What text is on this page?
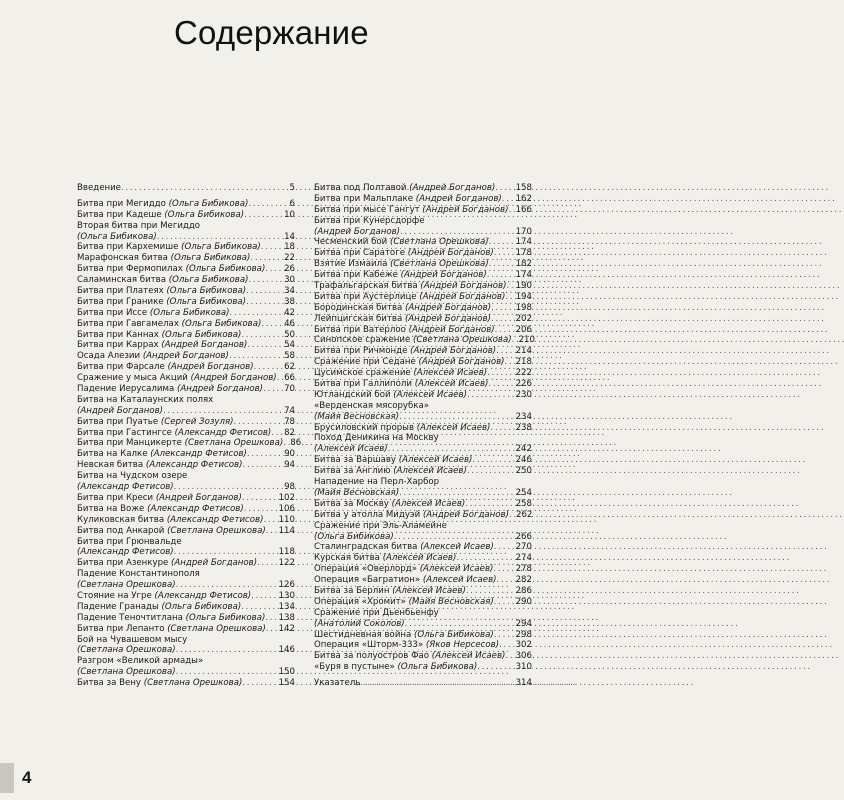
Содержание
Введение . . .	5
Битва при Мегиддо (Ольга Бибикова) . . .	6
Битва при Кадеше (Ольга Бибикова) . . .	10
Вторая битва при Мегиддо
(Ольга Бибикова) . . .	14
Битва при Кархемише (Ольга Бибикова) . . .	18
Марафонская битва (Ольга Бибикова) . . .	22
Битва при Фермопилах (Ольга Бибикова) . . . 26
Саламинская битва (Ольга Бибикова) . . .	30
Битва при Платеях (Ольга Бибикова) . . .	34
Битва при Гранике (Ольга Бибикова) . . .	38
Битва при Иссе (Ольга Бибикова) . . .	42
Битва при Гавгамелах (Ольга Бибикова) . . .	46
Битва при Каннах (Ольга Бибикова) . . .	50
Битва при Каррах (Андрей Богданов) . . .	54
Осада Алезии (Андрей Богданов) . . .	58
Битва при Фарсале (Андрей Богданов) . . .	62
Сражение у мыса Акций (Андрей Богданов) . . . 66
Падение Иерусалима (Андрей Богданов) . . . 70
Битва на Каталаунских полях
(Андрей Богданов) . . .	74
Битва при Пуатье (Сергей Зозуля) . . .	78
Битва при Гастингсе (Александр Фетисов) . . . 82
Битва при Манцикерте (Светлана Орешкова) . . . 86
Битва на Калке (Александр Фетисов) . . .	90
Невская битва (Александр Фетисов) . . .	94
Битва на Чудском озере
(Александр Фетисов) . . .	98
Битва при Креси (Андрей Богданов) . . .	102
Битва на Воже (Александр Фетисов) . . .	106
Куликовская битва (Александр Фетисов) . . . 110
Битва под Анкарой (Светлана Орешкова) . . . 114
Битва при Грюнвальде
(Александр Фетисов) . . .	118
Битва при Азенкуре (Андрей Богданов) . . .	122
Падение Константинополя
(Светлана Орешкова) . . .	126
Стояние на Угре (Александр Фетисов) . . .	130
Падение Гранады (Ольга Бибикова) . . .	134
Падение Теночтитлана (Ольга Бибикова) . . . 138
Битва при Лепанто (Светлана Орешкова) . . . 142
Бой на Чувашевом мысу
(Светлана Орешкова) . . .	146
Разгром «Великой армады»
(Светлана Орешкова) . . .	150
Битва за Вену (Светлана Орешкова) . . .	154
Битва под Полтавой (Андрей Богданов) . . . 158
Битва при Мальплаке (Андрей Богданов) . . . 162
Битва при мысе Гангут (Андрей Богданов) . . . 166
Битва при Кунерсдорфе
(Андрей Богданов) . . .	170
Чесменский бой (Светлана Орешкова) . . .	174
Битва при Саратоге (Андрей Богданов) . . .	178
Взятие Измаила (Светлана Орешкова) . . .	182
Битва при Кабеже (Андрей Богданов) . . .	174
Трафальгарская битва (Андрей Богданов) . . . 190
Битва при Аустерлице (Андрей Богданов) . . . 194
Бородинская битва (Андрей Богданов) . . .	198
Лейпцигская битва (Андрей Богданов) . . .	202
Битва при Ватерлоо (Андрей Богданов) . . . 206
Синопское сражение (Светлана Орешкова) . . . 210
Битва при Ричмонде (Андрей Богданов) . . . 214
Сражение при Седане (Андрей Богданов) . . . 218
Цусимское сражение (Алексей Исаев) . . .	222
Битва при Галлиполи (Алексей Исаев) . . .	226
Ютландский бой (Алексей Исаев) . . .	230
«Верденская мясорубка»
(Майя Весновская) . . .	234
Брусиловский прорыв (Алексей Исаев) . . .	238
Поход Деникина на Москву
(Алексей Исаев) . . .	242
Битва за Варшаву (Алексей Исаев) . . .	246
Битва за Англию (Алексей Исаев) . . .	250
Нападение на Перл-Харбор
(Майя Весновская) . . .	254
Битва за Москву (Алексей Исаев) . . .	258
Битва у атолла Мидуэй (Андрей Богданов) . . . 262
Сражение при Эль-Аламейне
(Ольга Бибикова) . . .	266
Сталинградская битва (Алексей Исаев) . . .	270
Курская битва (Алексей Исаев) . . .	274
Операция «Оверлорд» (Алексей Исаев) . . .	278
Операция «Багратион» (Алексей Исаев) . . . 282
Битва за Берлин (Алексей Исаев) . . .	286
Операция «Хромит» (Майя Весновская) . . .	290
Сражение при Дьенбьенфу
(Анатолий Соколов) . . .	294
Шестидневная война (Ольга Бибикова) . . .	298
Операция «Шторм-333» (Яков Нерсесов) . . . 302
Битва за полуостров Фао (Алексей Исаев) . . . 306
«Буря в пустыне» (Ольга Бибикова) . . .	310
Указатель . . .	314
4
